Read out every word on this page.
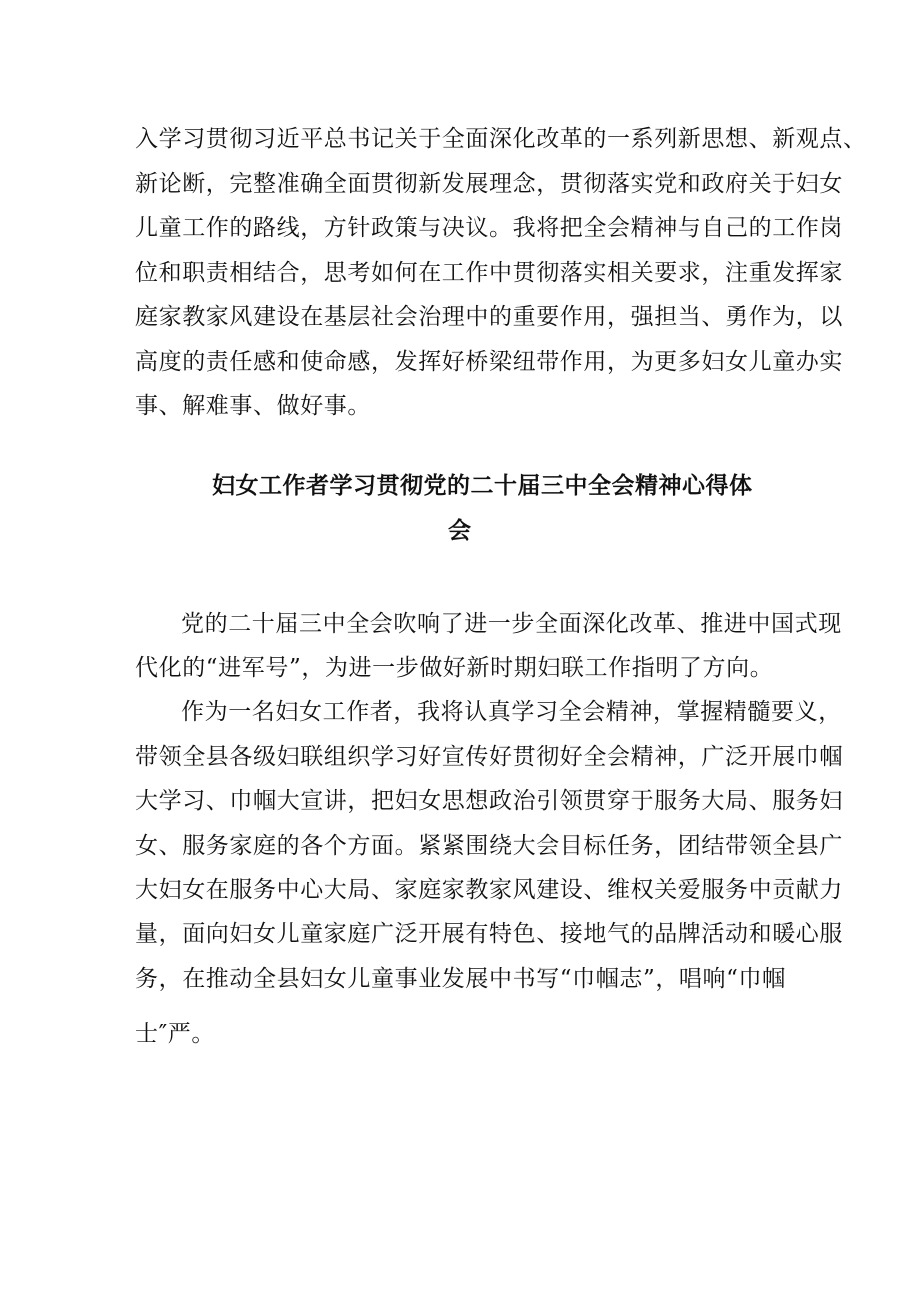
入学习贯彻习近平总书记关于全面深化改革的一系列新思想、新观点、
新论断，完整准确全面贯彻新发展理念，贯彻落实党和政府关于妇女
儿童工作的路线，方针政策与决议。我将把全会精神与自己的工作岗
位和职责相结合，思考如何在工作中贯彻落实相关要求，注重发挥家
庭家教家风建设在基层社会治理中的重要作用，强担当、勇作为，以
高度的责任感和使命感，发挥好桥梁纽带作用，为更多妇女儿童办实
事、解难事、做好事。
妇女工作者学习贯彻党的二十届三中全会精神心得体
会
党的二十届三中全会吹响了进一步全面深化改革、推进中国式现
代化的“进军号”，为进一步做好新时期妇联工作指明了方向。
作为一名妇女工作者，我将认真学习全会精神，掌握精髓要义，
带领全县各级妇联组织学习好宣传好贯彻好全会精神，广泛开展巾帼
大学习、巾帼大宣讲，把妇女思想政治引领贯穿于服务大局、服务妇
女、服务家庭的各个方面。紧紧围绕大会目标任务，团结带领全县广
大妇女在服务中心大局、家庭家教家风建设、维权关爱服务中贡献力
量，面向妇女儿童家庭广泛开展有特色、接地气的品牌活动和暖心服
务，在推动全县妇女儿童事业发展中书写“巾帼志”，唱响“巾帼
士″严。
